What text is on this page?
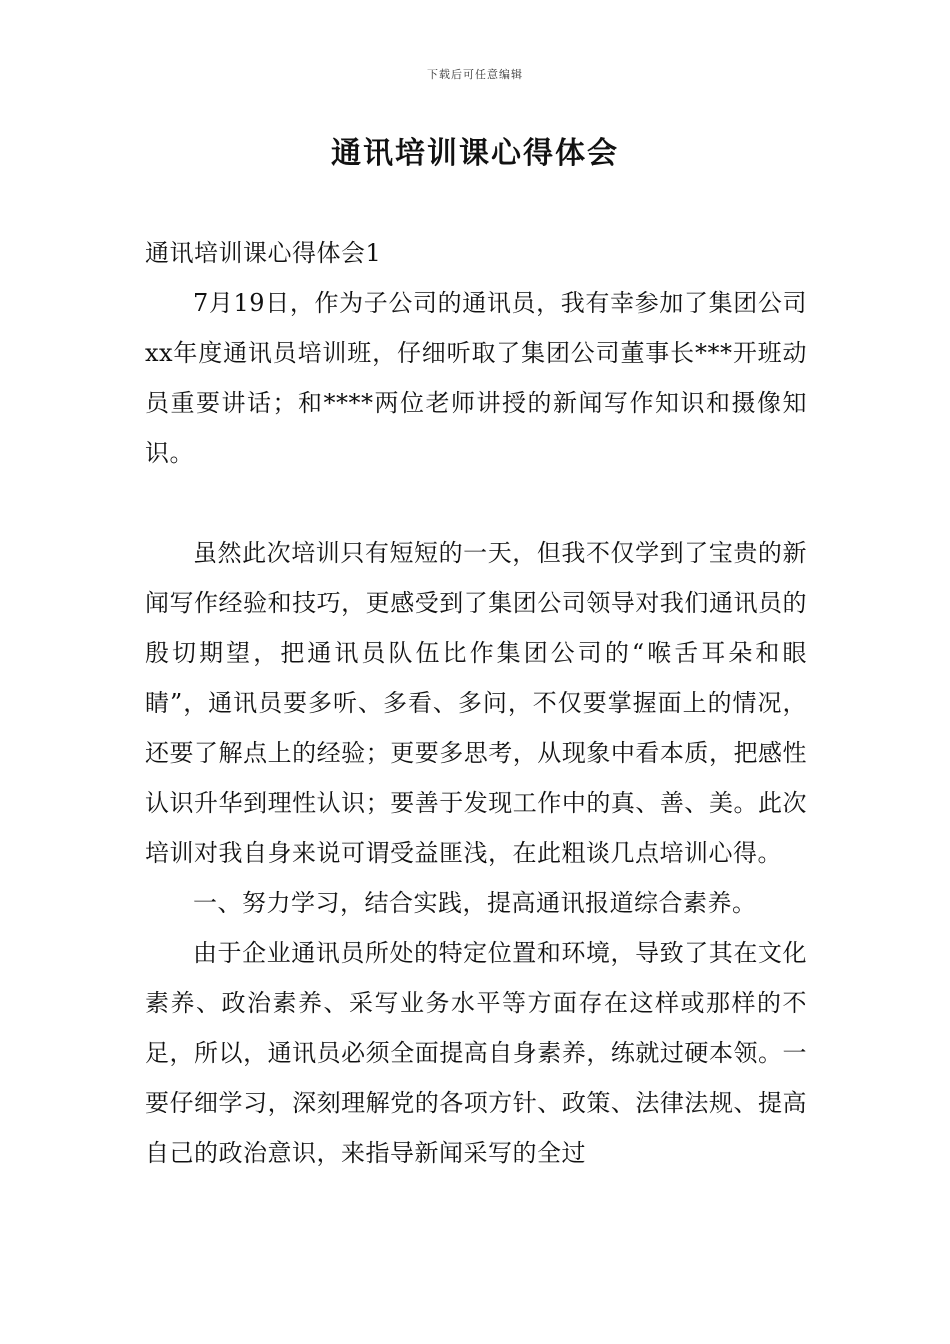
下载后可任意编辑
通讯培训课心得体会

通讯培训课心得体会1

7月19日，作为子公司的通讯员，我有幸参加了集团公司xx年度通讯员培训班，仔细听取了集团公司董事长***开班动员重要讲话；和****两位老师讲授的新闻写作知识和摄像知识。

虽然此次培训只有短短的一天，但我不仅学到了宝贵的新闻写作经验和技巧，更感受到了集团公司领导对我们通讯员的殷切期望，把通讯员队伍比作集团公司的“喉舌耳朵和眼睛”，通讯员要多听、多看、多问，不仅要掌握面上的情况，还要了解点上的经验；更要多思考，从现象中看本质，把感性认识升华到理性认识；要善于发现工作中的真、善、美。此次培训对我自身来说可谓受益匪浅，在此粗谈几点培训心得。

一、努力学习，结合实践，提高通讯报道综合素养。

由于企业通讯员所处的特定位置和环境，导致了其在文化素养、政治素养、采写业务水平等方面存在这样或那样的不足，所以，通讯员必须全面提高自身素养，练就过硬本领。一要仔细学习，深刻理解党的各项方针、政策、法律法规、提高自己的政治意识，来指导新闻采写的全过
